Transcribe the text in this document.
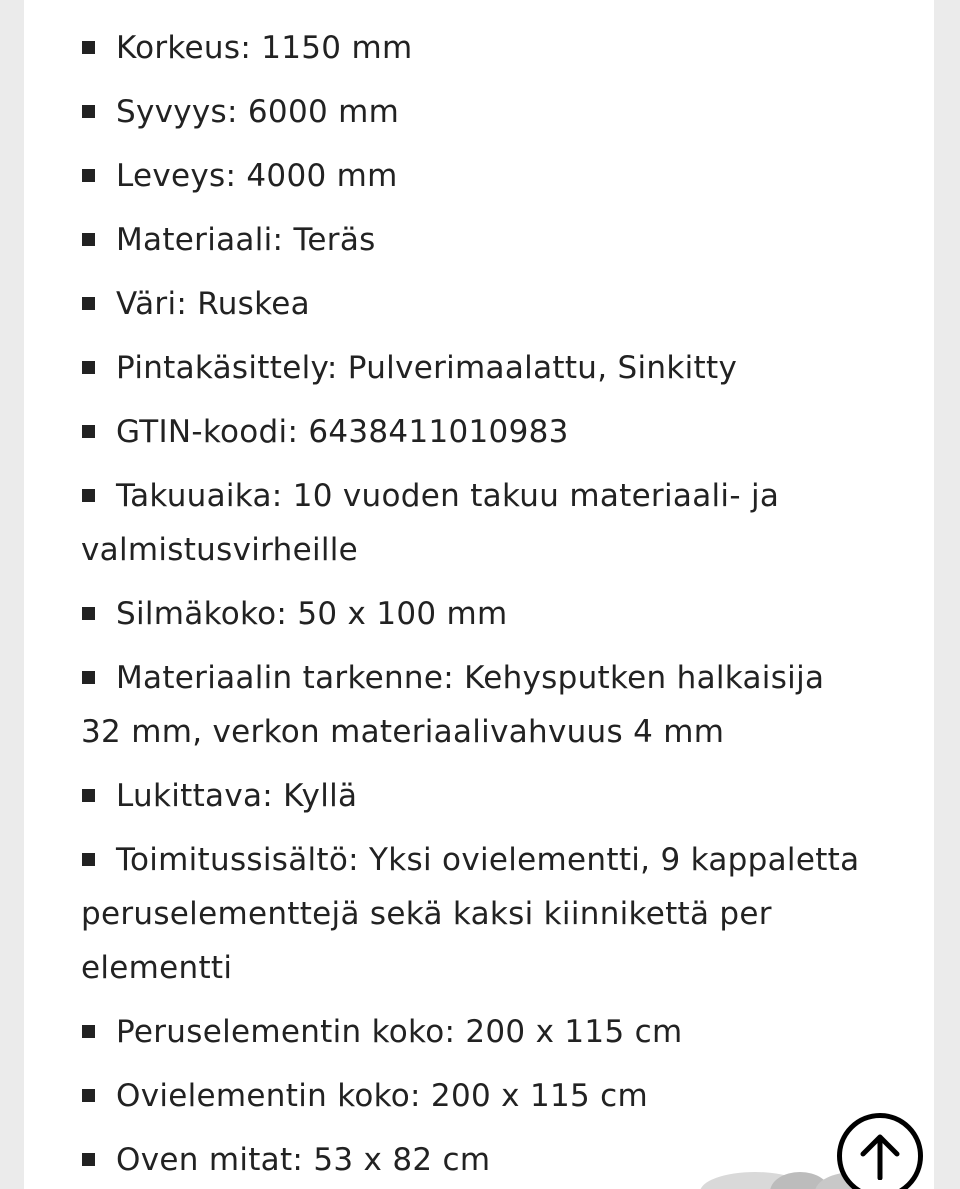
Korkeus: 1150 mm
Syvyys: 6000 mm
Leveys: 4000 mm
Materiaali: Teräs
Väri: Ruskea
Pintakäsittely: Pulverimaalattu, Sinkitty
GTIN-koodi: 6438411010983
Takuuaika: 10 vuoden takuu materiaali- ja valmistusvirheille
Silmäkoko: 50 x 100 mm
Materiaalin tarkenne: Kehysputken halkaisija 32 mm, verkon materiaalivahvuus 4 mm
Lukittava: Kyllä
Toimitussisältö: Yksi ovielementti, 9 kappaletta peruselementtejä sekä kaksi kiinnikettä per elementti
Peruselementin koko: 200 x 115 cm
Ovielementin koko: 200 x 115 cm
Oven mitat: 53 x 82 cm
